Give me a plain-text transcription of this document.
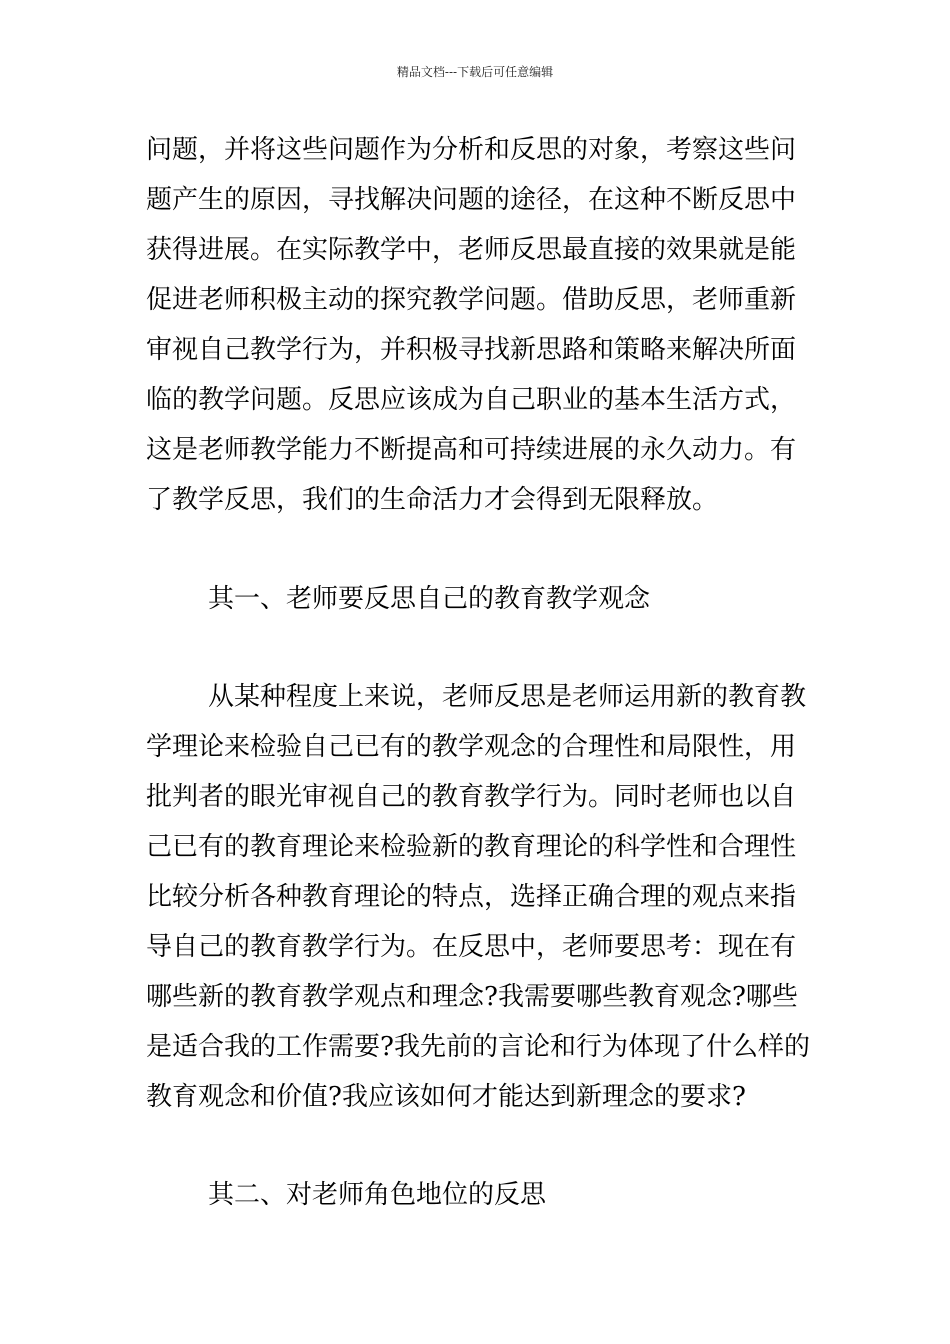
精品文档---下载后可任意编辑
问题，并将这些问题作为分析和反思的对象，考察这些问
题产生的原因，寻找解决问题的途径，在这种不断反思中
获得进展。在实际教学中，老师反思最直接的效果就是能
促进老师积极主动的探究教学问题。借助反思，老师重新
审视自己教学行为，并积极寻找新思路和策略来解决所面
临的教学问题。反思应该成为自己职业的基本生活方式，
这是老师教学能力不断提高和可持续进展的永久动力。有
了教学反思，我们的生命活力才会得到无限释放。
其一、老师要反思自己的教育教学观念
从某种程度上来说，老师反思是老师运用新的教育教
学理论来检验自己已有的教学观念的合理性和局限性，用
批判者的眼光审视自己的教育教学行为。同时老师也以自
己已有的教育理论来检验新的教育理论的科学性和合理性
比较分析各种教育理论的特点，选择正确合理的观点来指
导自己的教育教学行为。在反思中，老师要思考：现在有
哪些新的教育教学观点和理念?我需要哪些教育观念?哪些
是适合我的工作需要?我先前的言论和行为体现了什么样的
教育观念和价值?我应该如何才能达到新理念的要求?
其二、对老师角色地位的反思
